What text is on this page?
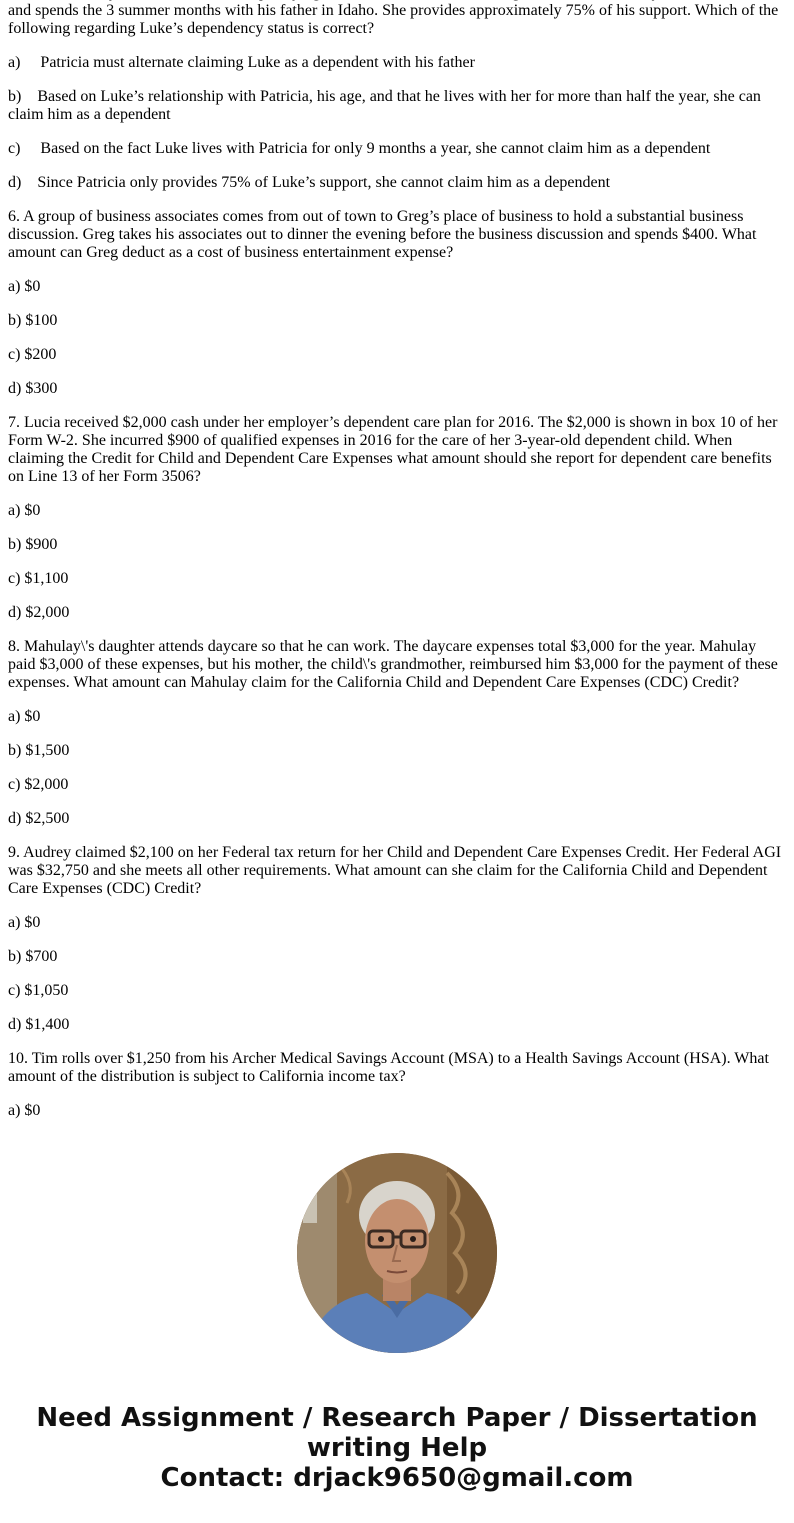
and spends the 3 summer months with his father in Idaho. She provides approximately 75% of his support. Which of the following regarding Luke’s dependency status is correct?

a)     Patricia must alternate claiming Luke as a dependent with his father

b)    Based on Luke’s relationship with Patricia, his age, and that he lives with her for more than half the year, she can claim him as a dependent

c)     Based on the fact Luke lives with Patricia for only 9 months a year, she cannot claim him as a dependent

d)    Since Patricia only provides 75% of Luke’s support, she cannot claim him as a dependent

6. A group of business associates comes from out of town to Greg’s place of business to hold a substantial business discussion. Greg takes his associates out to dinner the evening before the business discussion and spends $400. What amount can Greg deduct as a cost of business entertainment expense?

a) $0

b) $100

c) $200

d) $300

7. Lucia received $2,000 cash under her employer’s dependent care plan for 2016. The $2,000 is shown in box 10 of her Form W-2. She incurred $900 of qualified expenses in 2016 for the care of her 3-year-old dependent child. When claiming the Credit for Child and Dependent Care Expenses what amount should she report for dependent care benefits on Line 13 of her Form 3506?

a) $0

b) $900

c) $1,100

d) $2,000

8. Mahulay\'s daughter attends daycare so that he can work. The daycare expenses total $3,000 for the year. Mahulay paid $3,000 of these expenses, but his mother, the child\'s grandmother, reimbursed him $3,000 for the payment of these expenses. What amount can Mahulay claim for the California Child and Dependent Care Expenses (CDC) Credit?

a) $0

b) $1,500

c) $2,000

d) $2,500

9. Audrey claimed $2,100 on her Federal tax return for her Child and Dependent Care Expenses Credit. Her Federal AGI was $32,750 and she meets all other requirements. What amount can she claim for the California Child and Dependent Care Expenses (CDC) Credit?

a) $0

b) $700

c) $1,050

d) $1,400

10. Tim rolls over $1,250 from his Archer Medical Savings Account (MSA) to a Health Savings Account (HSA). What amount of the distribution is subject to California income tax?

a) $0

Need Assignment / Research Paper / Dissertation writing Help
Contact: drjack9650@gmail.com
